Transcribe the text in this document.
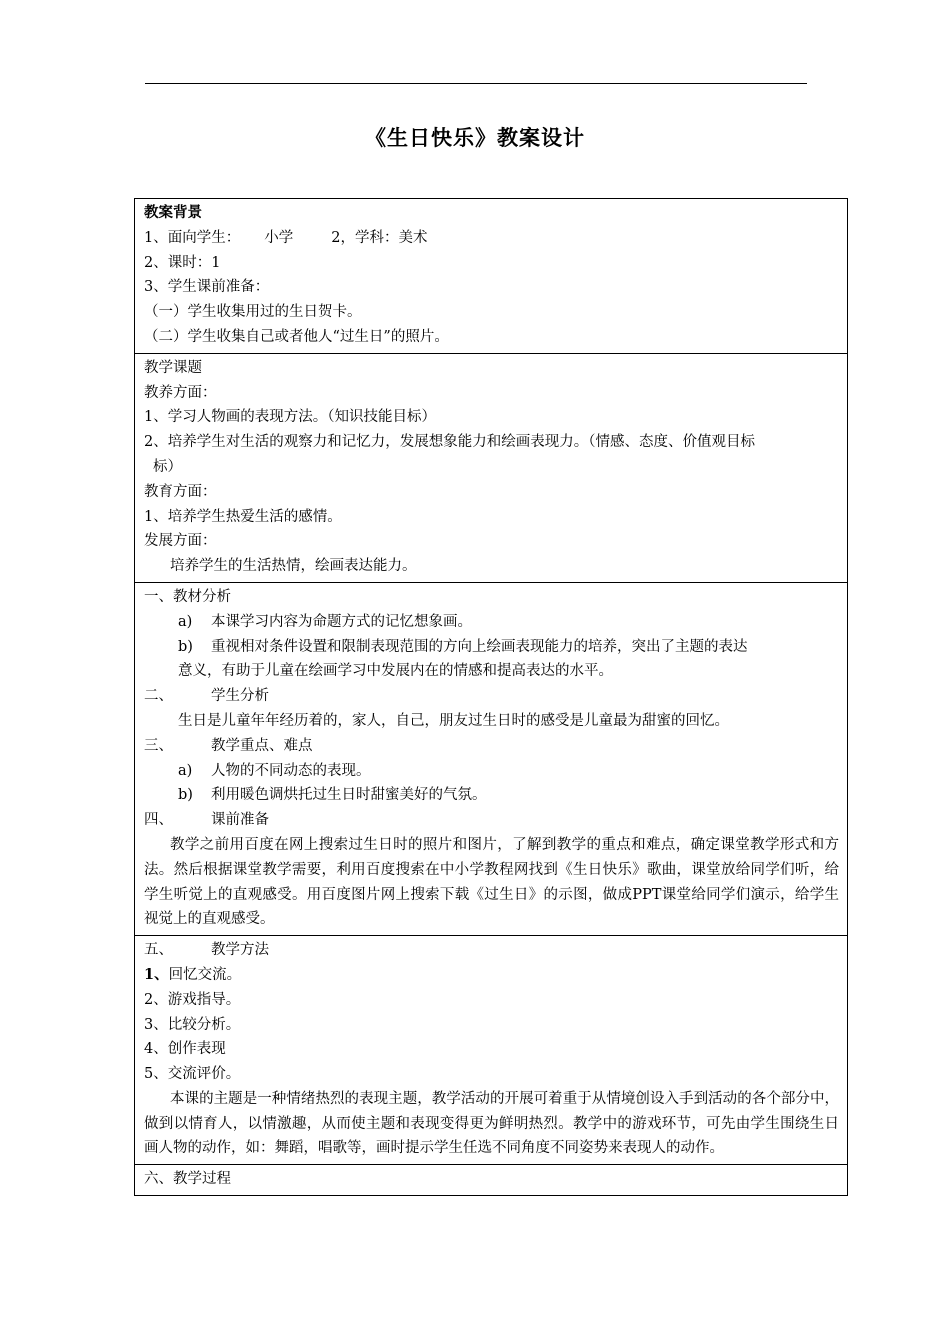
《生日快乐》教案设计
教案背景
1、面向学生： 小学	2，学科：美术
2、课时：1
3、学生课前准备：
（一）学生收集用过的生日贺卡。
（二）学生收集自己或者他人“过生日”的照片。

教学课题
教养方面：
1、学习人物画的表现方法。（知识技能目标）
2、培养学生对生活的观察力和记忆力，发展想象能力和绘画表现力。（情感、态度、价值观目标
标）
教育方面：
1、培养学生热爱生活的感情。
发展方面：
培养学生的生活热情，绘画表达能力。

一、教材分析
a) 本课学习内容为命题方式的记忆想象画。
b) 重视相对条件设置和限制表现范围的方向上绘画表现能力的培养，突出了主题的表达
意义，有助于儿童在绘画学习中发展内在的情感和提高表达的水平。
二、	学生分析
生日是儿童年年经历着的，家人，自己，朋友过生日时的感受是儿童最为甜蜜的回忆。
三、	教学重点、难点
a) 人物的不同动态的表现。
b) 利用暖色调烘托过生日时甜蜜美好的气氛。
四、	课前准备
教学之前用百度在网上搜索过生日时的照片和图片，了解到教学的重点和难点，确定课堂教学形式和方法。然后根据课堂教学需要，利用百度搜索在中小学教程网找到《生日快乐》歌曲，课堂放给同学们听，给学生听觉上的直观感受。用百度图片网上搜索下载《过生日》的示图，做成PPT课堂给同学们演示，给学生视觉上的直观感受。

五、	教学方法
1、回忆交流。
2、游戏指导。
3、比较分析。
4、创作表现
5、交流评价。
本课的主题是一种情绪热烈的表现主题，教学活动的开展可着重于从情境创设入手到活动的各个部分中，做到以情育人，以情激趣，从而使主题和表现变得更为鲜明热烈。教学中的游戏环节，可先由学生围绕生日画人物的动作，如：舞蹈，唱歌等，画时提示学生任选不同角度不同姿势来表现人的动作。

六、教学过程
